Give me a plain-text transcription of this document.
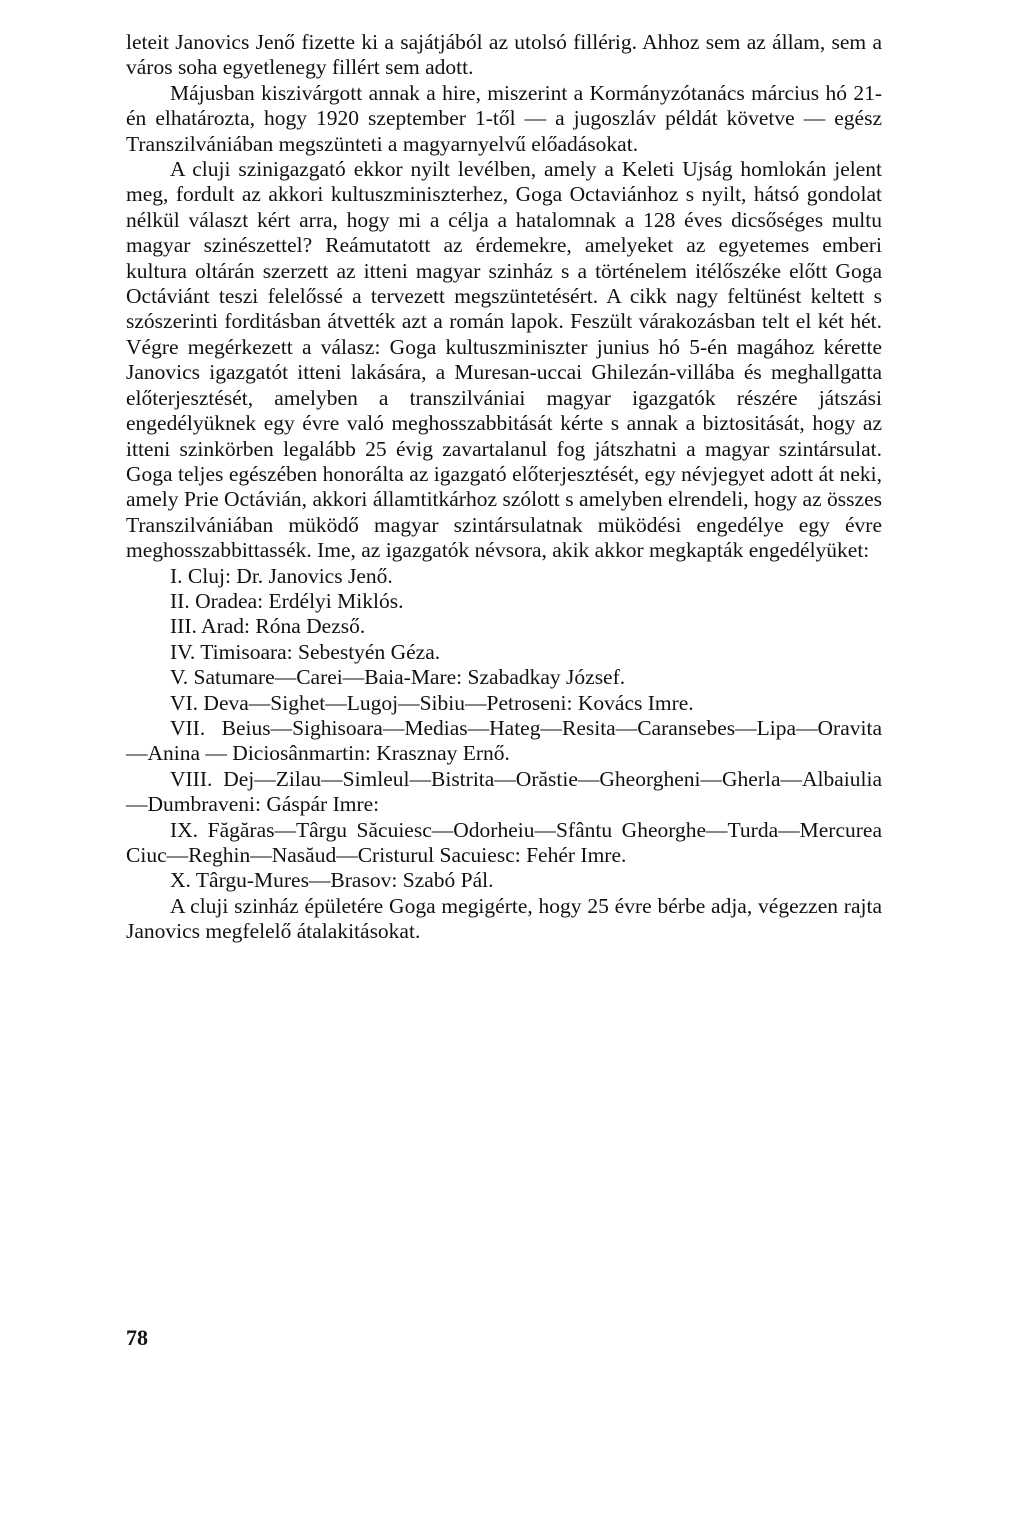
leteit Janovics Jenő fizette ki a sajátjából az utolsó fillérig. Ahhoz sem az állam, sem a város soha egyetlenegy fillért sem adott.

Májusban kiszivárgott annak a hire, miszerint a Kormányzótanács március hó 21-én elhatározta, hogy 1920 szeptember 1-től — a jugoszláv példát követve — egész Transzilvániában megszünteti a magyarnyelvű előadásokat.

A cluji szinigazgató ekkor nyilt levélben, amely a Keleti Ujság homlokán jelent meg, fordult az akkori kultuszminiszterhez, Goga Octaviánhoz s nyilt, hátsó gondolat nélkül választ kért arra, hogy mi a célja a hatalomnak a 128 éves dicsőséges multu magyar szinészettel? Reámutatott az érdemekre, amelyeket az egyetemes emberi kultura oltárán szerzett az itteni magyar szinház s a történelem itélőszéke előtt Goga Octáviánt teszi felelőssé a tervezett megszüntetésért. A cikk nagy feltünést keltett s szószerinti forditásban átvették azt a román lapok. Feszült várakozásban telt el két hét. Végre megérkezett a válasz: Goga kultuszminiszter junius hó 5-én magához kérette Janovics igazgatót itteni lakására, a Muresan-uccai Ghilezán-villába és meghallgatta előterjesztését, amelyben a transzilvániai magyar igazgatók részére játszási engedélyüknek egy évre való meghosszabbitását kérte s annak a biztositását, hogy az itteni szinkörben legalább 25 évig zavartalanul fog játszhatni a magyar szintársulat. Goga teljes egészében honorálta az igazgató előterjesztését, egy névjegyet adott át neki, amely Prie Octávián, akkori államtitkárhoz szólott s amelyben elrendeli, hogy az összes Transzilvániában müködő magyar szintársulatnak müködési engedélye egy évre meghosszabbittassék. Ime, az igazgatók névsora, akik akkor megkapták engedélyüket:

I. Cluj: Dr. Janovics Jenő.
II. Oradea: Erdélyi Miklós.
III. Arad: Róna Dezső.
IV. Timisoara: Sebestyén Géza.
V. Satumare—Carei—Baia-Mare: Szabadkay József.
VI. Deva—Sighet—Lugoj—Sibiu—Petroseni: Kovács Imre.
VII. Beius—Sighisoara—Medias—Hateg—Resita—Caransebes—Lipa—Oravita—Anina — Diciosânmartin: Krasznay Ernő.
VIII. Dej—Zilau—Simleul—Bistrita—Orăstie—Gheorgheni—Gherla—Albaiulia—Dumbraveni: Gáspár Imre:
IX. Făgăras—Târgu Săcuiesc—Odorheiu—Sfântu Gheorghe—Turda—Mercurea Ciuc—Reghin—Nasăud—Cristurul Sacuiesc: Fehér Imre.
X. Târgu-Mures—Brasov: Szabó Pál.

A cluji szinház épületére Goga megigérte, hogy 25 évre bérbe adja, végezzen rajta Janovics megfelelő átalakitásokat.

78
